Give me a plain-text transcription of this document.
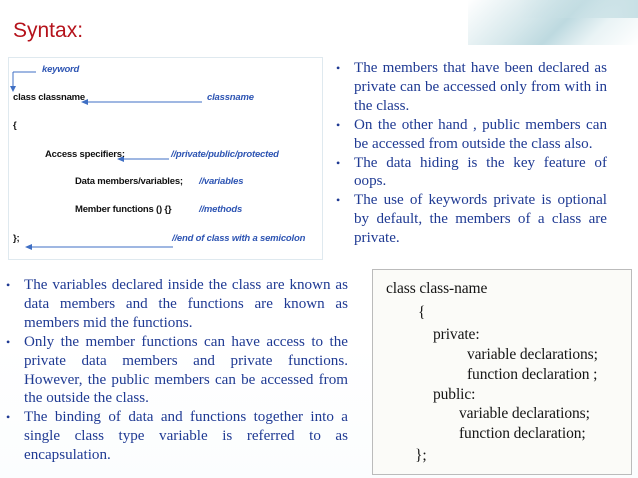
Syntax:
keyword
class classname	classname
{
Access specifiers:	//private/public/protected
Data members/variables; //variables
Member functions () {}	//methods
};	//end of class with a semicolon
• The members that have been declared as private can be accessed only from with in the class.
• On the other hand , public members can be accessed from outside the class also.
• The data hiding is the key feature of oops.
• The use of keywords private is optional by default, the members of a class are private.
• The variables declared inside the class are known as data members and the functions are known as members mid the functions.
• Only the member functions can have access to the private data members and private functions. However, the public members can be accessed from the outside the class.
• The binding of data and functions together into a single class type variable is referred to as encapsulation.
class class-name
{
private:
variable declarations;
function declaration ;
public:
variable declarations;
function declaration;
};
